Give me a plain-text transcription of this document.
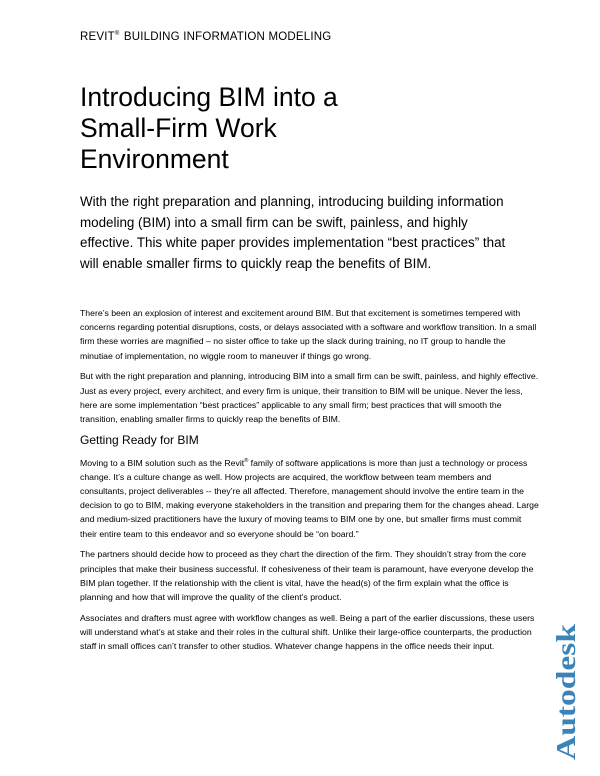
REVIT® BUILDING INFORMATION MODELING
Introducing BIM into a
Small-Firm Work
Environment

With the right preparation and planning, introducing building information modeling (BIM) into a small firm can be swift, painless, and highly effective. This white paper provides implementation “best practices” that will enable smaller firms to quickly reap the benefits of BIM.

There’s been an explosion of interest and excitement around BIM. But that excitement is sometimes tempered with concerns regarding potential disruptions, costs, or delays associated with a software and workflow transition. In a small firm these worries are magnified – no sister office to take up the slack during training, no IT group to handle the minutiae of implementation, no wiggle room to maneuver if things go wrong.

But with the right preparation and planning, introducing BIM into a small firm can be swift, painless, and highly effective. Just as every project, every architect, and every firm is unique, their transition to BIM will be unique. Never the less, here are some implementation “best practices” applicable to any small firm; best practices that will smooth the transition, enabling smaller firms to quickly reap the benefits of BIM.

Getting Ready for BIM

Moving to a BIM solution such as the Revit® family of software applications is more than just a technology or process change. It’s a culture change as well. How projects are acquired, the workflow between team members and consultants, project deliverables -- they’re all affected. Therefore, management should involve the entire team in the decision to go to BIM, making everyone stakeholders in the transition and preparing them for the changes ahead. Large and medium-sized practitioners have the luxury of moving teams to BIM one by one, but smaller firms must commit their entire team to this endeavor and so everyone should be “on board.”

The partners should decide how to proceed as they chart the direction of the firm. They shouldn’t stray from the core principles that make their business successful. If cohesiveness of their team is paramount, have everyone develop the BIM plan together. If the relationship with the client is vital, have the head(s) of the firm explain what the office is planning and how that will improve the quality of the client’s product.

Associates and drafters must agree with workflow changes as well. Being a part of the earlier discussions, these users will understand what’s at stake and their roles in the cultural shift. Unlike their large-office counterparts, the production staff in small offices can’t transfer to other studios. Whatever change happens in the office needs their input.

Autodesk
